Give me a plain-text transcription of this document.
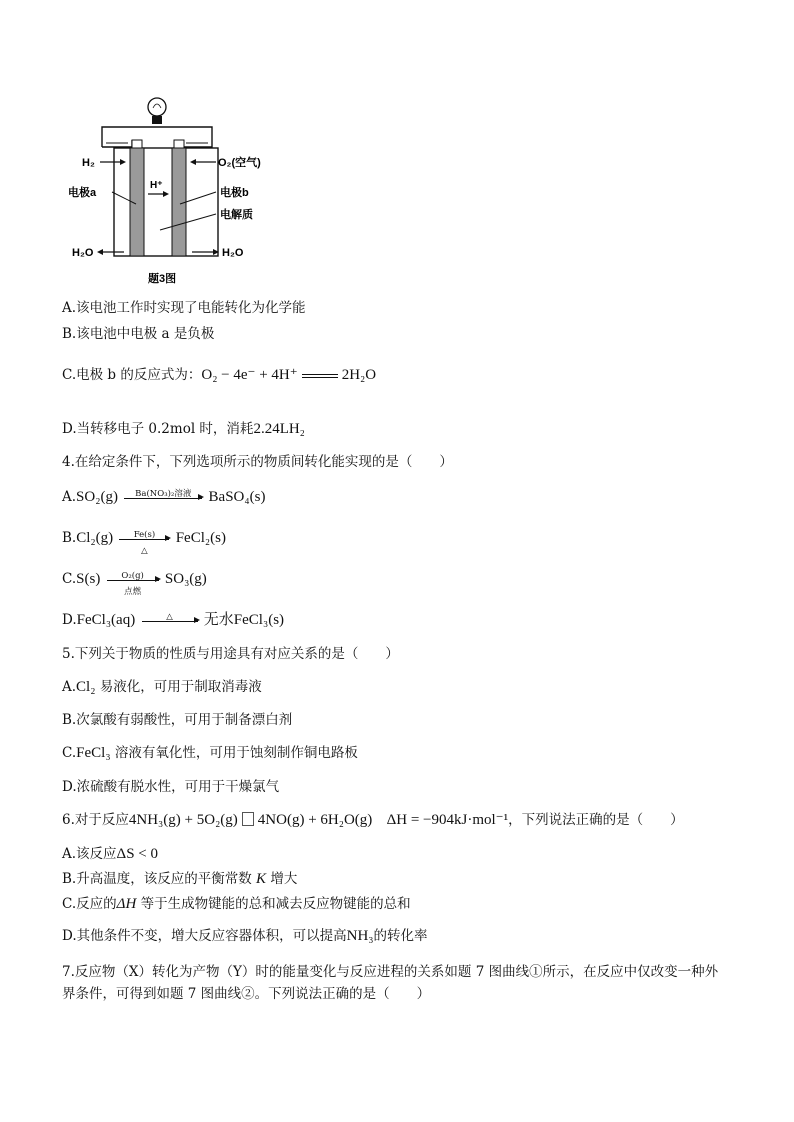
H₂	O₂(空气)
H⁺
电极a	电极b
电解质
H₂O	H₂O
题3图
A.该电池工作时实现了电能转化为化学能
B.该电池中电极 a 是负极
C.电极 b 的反应式为：O₂ − 4e⁻ + 4H⁺	2H₂O
D.当转移电子 0.2mol 时，消耗2.24LH₂
4.在给定条件下，下列选项所示的物质间转化能实现的是（　　）
A.SO₂(g)	Ba(NO₃)₂溶液	BaSO₄(s)
B.Cl₂(g)	Fe(s)
△
FeCl₂(s)
C.S(s)	O₂(g)
点燃
SO₃(g)
D.FeCl₃(aq)	△	无水FeCl₃(s)
5.下列关于物质的性质与用途具有对应关系的是（　　）
A.Cl₂ 易液化，可用于制取消毒液
B.次氯酸有弱酸性，可用于制备漂白剂
C.FeCl₃ 溶液有氧化性，可用于蚀刻制作铜电路板
D.浓硫酸有脱水性，可用于干燥氯气
6.对于反应4NH₃(g) + 5O₂(g) 4NO(g) + 6H₂O(g) ΔH = −904kJ·mol⁻¹，下列说法正确的是（　　）
A.该反应ΔS < 0
B.升高温度，该反应的平衡常数 K 增大
C.反应的ΔH 等于生成物键能的总和减去反应物键能的总和
D.其他条件不变，增大反应容器体积，可以提高NH₃的转化率
7.反应物（X）转化为产物（Y）时的能量变化与反应进程的关系如题 7 图曲线①所示，在反应中仅改变一种外界条件，可得到如题 7 图曲线②。下列说法正确的是（　　）
